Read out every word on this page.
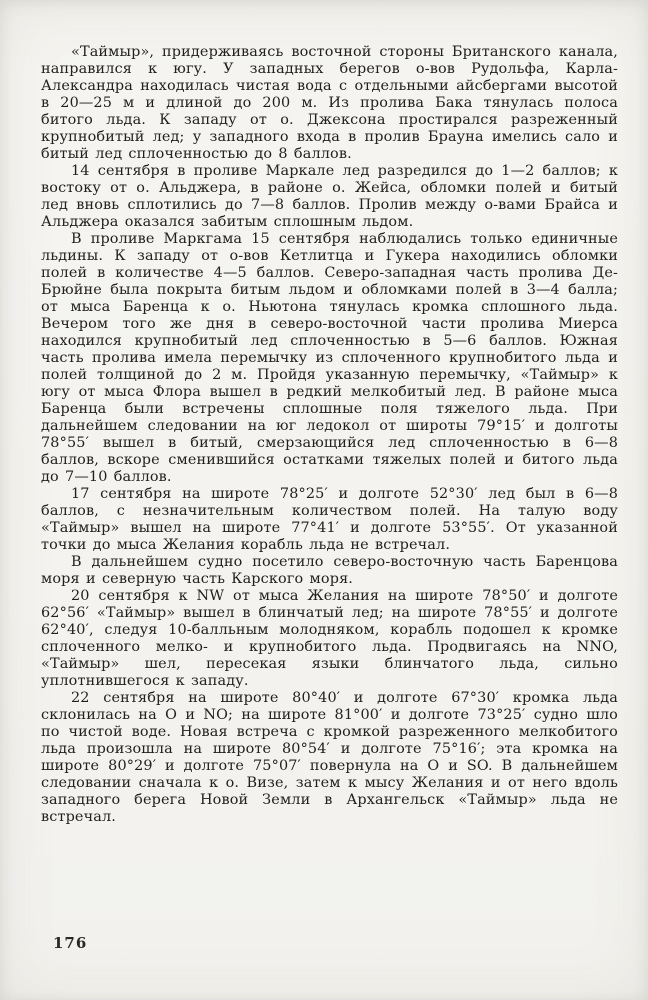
«Таймыр», придерживаясь восточной стороны Британского канала, направился к югу. У западных берегов о-вов Рудольфа, Карла-Александра находилась чистая вода с отдельными айсбергами высотой в 20—25 м и длиной до 200 м. Из пролива Бака тянулась полоса битого льда. К западу от о. Джексона простирался разреженный крупнобитый лед; у западного входа в пролив Брауна имелись сало и битый лед сплоченностью до 8 баллов.

14 сентября в проливе Маркале лед разредился до 1—2 баллов; к востоку от о. Альджера, в районе о. Жейса, обломки полей и битый лед вновь сплотились до 7—8 баллов. Пролив между о-вами Брайса и Альджера оказался забитым сплошным льдом.

В проливе Маркгама 15 сентября наблюдались только единичные льдины. К западу от о-вов Кетлитца и Гукера находились обломки полей в количестве 4—5 баллов. Северо-западная часть пролива Де-Брюйне была покрыта битым льдом и обломками полей в 3—4 балла; от мыса Баренца к о. Ньютона тянулась кромка сплошного льда. Вечером того же дня в северо-восточной части пролива Миерса находился крупнобитый лед сплоченностью в 5—6 баллов. Южная часть пролива имела перемычку из сплоченного крупнобитого льда и полей толщиной до 2 м. Пройдя указанную перемычку, «Таймыр» к югу от мыса Флора вышел в редкий мелкобитый лед. В районе мыса Баренца были встречены сплошные поля тяжелого льда. При дальнейшем следовании на юг ледокол от широты 79°15′ и долготы 78°55′ вышел в битый, смерзающийся лед сплоченностью в 6—8 баллов, вскоре сменившийся остатками тяжелых полей и битого льда до 7—10 баллов.

17 сентября на широте 78°25′ и долготе 52°30′ лед был в 6—8 баллов, с незначительным количеством полей. На талую воду «Таймыр» вышел на широте 77°41′ и долготе 53°55′. От указанной точки до мыса Желания корабль льда не встречал.

В дальнейшем судно посетило северо-восточную часть Баренцова моря и северную часть Карского моря.

20 сентября к NW от мыса Желания на широте 78°50′ и долготе 62°56′ «Таймыр» вышел в блинчатый лед; на широте 78°55′ и долготе 62°40′, следуя 10-балльным молодняком, корабль подошел к кромке сплоченного мелко- и крупнобитого льда. Продвигаясь на NNO, «Таймыр» шел, пересекая языки блинчатого льда, сильно уплотнившегося к западу.

22 сентября на широте 80°40′ и долготе 67°30′ кромка льда склонилась на O и NO; на широте 81°00′ и долготе 73°25′ судно шло по чистой воде. Новая встреча с кромкой разреженного мелкобитого льда произошла на широте 80°54′ и долготе 75°16′; эта кромка на широте 80°29′ и долготе 75°07′ повернула на O и SO. В дальнейшем следовании сначала к о. Визе, затем к мысу Желания и от него вдоль западного берега Новой Земли в Архангельск «Таймыр» льда не встречал.

176
